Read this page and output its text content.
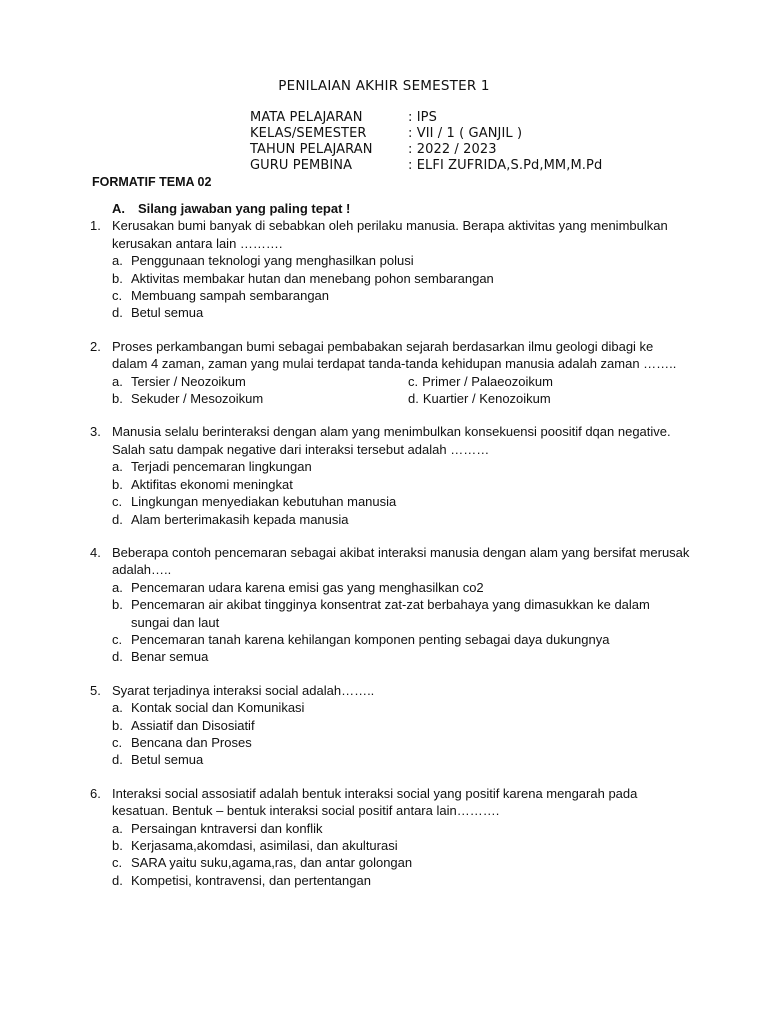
PENILAIAN AKHIR SEMESTER 1
MATA PELAJARAN	: IPS
KELAS/SEMESTER	: VII / 1 ( GANJIL )
TAHUN PELAJARAN	: 2022 / 2023
GURU PEMBINA	: ELFI ZUFRIDA,S.Pd,MM,M.Pd
FORMATIF TEMA 02
A. Silang jawaban yang paling tepat !
1. Kerusakan bumi banyak di sebabkan oleh perilaku manusia. Berapa aktivitas yang menimbulkan kerusakan antara lain ……….
a. Penggunaan teknologi yang menghasilkan polusi
b. Aktivitas membakar hutan dan menebang pohon sembarangan
c. Membuang sampah sembarangan
d. Betul semua
2. Proses perkambangan bumi sebagai pembabakan sejarah berdasarkan ilmu geologi dibagi ke dalam 4 zaman, zaman yang mulai terdapat tanda-tanda kehidupan manusia adalah zaman ……..
a. Tersier / Neozoikum	c. Primer / Palaeozoikum
b. Sekuder / Mesozoikum	d. Kuartier / Kenozoikum
3. Manusia selalu berinteraksi dengan alam yang menimbulkan konsekuensi poositif dqan negative. Salah satu dampak negative dari interaksi tersebut adalah ………
a. Terjadi pencemaran lingkungan
b. Aktifitas ekonomi meningkat
c. Lingkungan menyediakan kebutuhan manusia
d. Alam berterimakasih kepada manusia
4. Beberapa contoh pencemaran sebagai akibat interaksi manusia dengan alam yang bersifat merusak adalah…..
a. Pencemaran udara karena emisi gas yang menghasilkan co2
b. Pencemaran air akibat tingginya konsentrat zat-zat berbahaya yang dimasukkan ke dalam sungai dan laut
c. Pencemaran tanah karena kehilangan komponen penting sebagai daya dukungnya
d. Benar semua
5. Syarat terjadinya interaksi social adalah……..
a. Kontak social dan Komunikasi
b. Assiatif dan Disosiatif
c. Bencana dan Proses
d. Betul semua
6. Interaksi social assosiatif adalah bentuk interaksi social yang positif karena mengarah pada kesatuan. Bentuk – bentuk interaksi social positif antara lain……….
a. Persaingan kntraversi dan konflik
b. Kerjasama,akomdasi, asimilasi, dan akulturasi
c. SARA yaitu suku,agama,ras, dan antar golongan
d. Kompetisi, kontravensi, dan pertentangan
